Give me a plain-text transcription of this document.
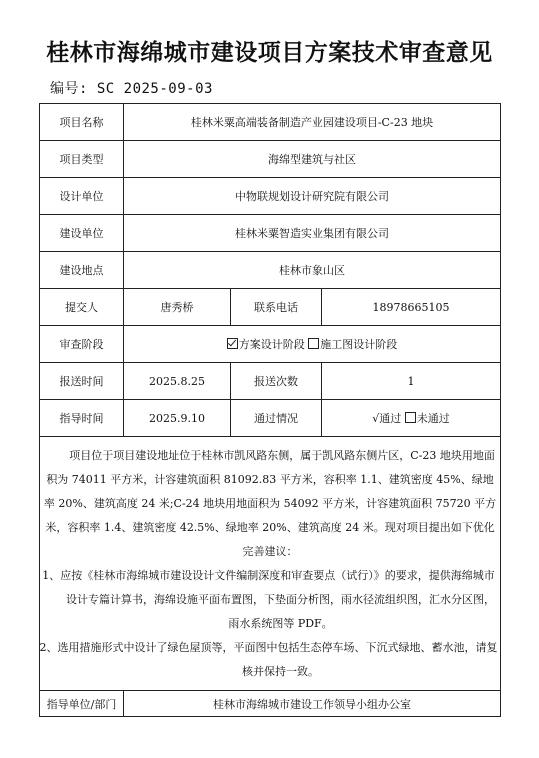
桂林市海绵城市建设项目方案技术审查意见
编号: SC 2025-09-03
项目名称	桂林米粟高端装备制造产业园建设项目-C-23 地块		
项目类型	海绵型建筑与社区		
设计单位	中物联规划设计研究院有限公司		
建设单位	桂林米粟智造实业集团有限公司		
建设地点	桂林市象山区		
提交人	唐秀桥	联系电话	18978665105
审查阶段	方案设计阶段 施工图设计阶段		
报送时间	2025.8.25	报送次数	1
指导时间	2025.9.10	通过情况	√通过 未通过

项目位于项目建设地址位于桂林市凯风路东侧，属于凯风路东侧片区，C-23 地块用地面积为 74011 平方米，计容建筑面积 81092.83 平方米，容积率 1.1、建筑密度 45%、绿地率 20%、建筑高度 24 米;C-24 地块用地面积为 54092 平方米，计容建筑面积 75720 平方米，容积率 1.4、建筑密度 42.5%、绿地率 20%、建筑高度 24 米。现对项目提出如下优化完善建议：

1、应按《桂林市海绵城市建设设计文件编制深度和审查要点（试行）》的要求，提供海绵城市设计专篇计算书，海绵设施平面布置图，下垫面分析图，雨水径流组织图，汇水分区图，雨水系统图等 PDF。

2、选用措施形式中设计了绿色屋顶等，平面图中包括生态停车场、下沉式绿地、蓄水池，请复核并保持一致。			

指导单位/部门	桂林市海绵城市建设工作领导小组办公室		
